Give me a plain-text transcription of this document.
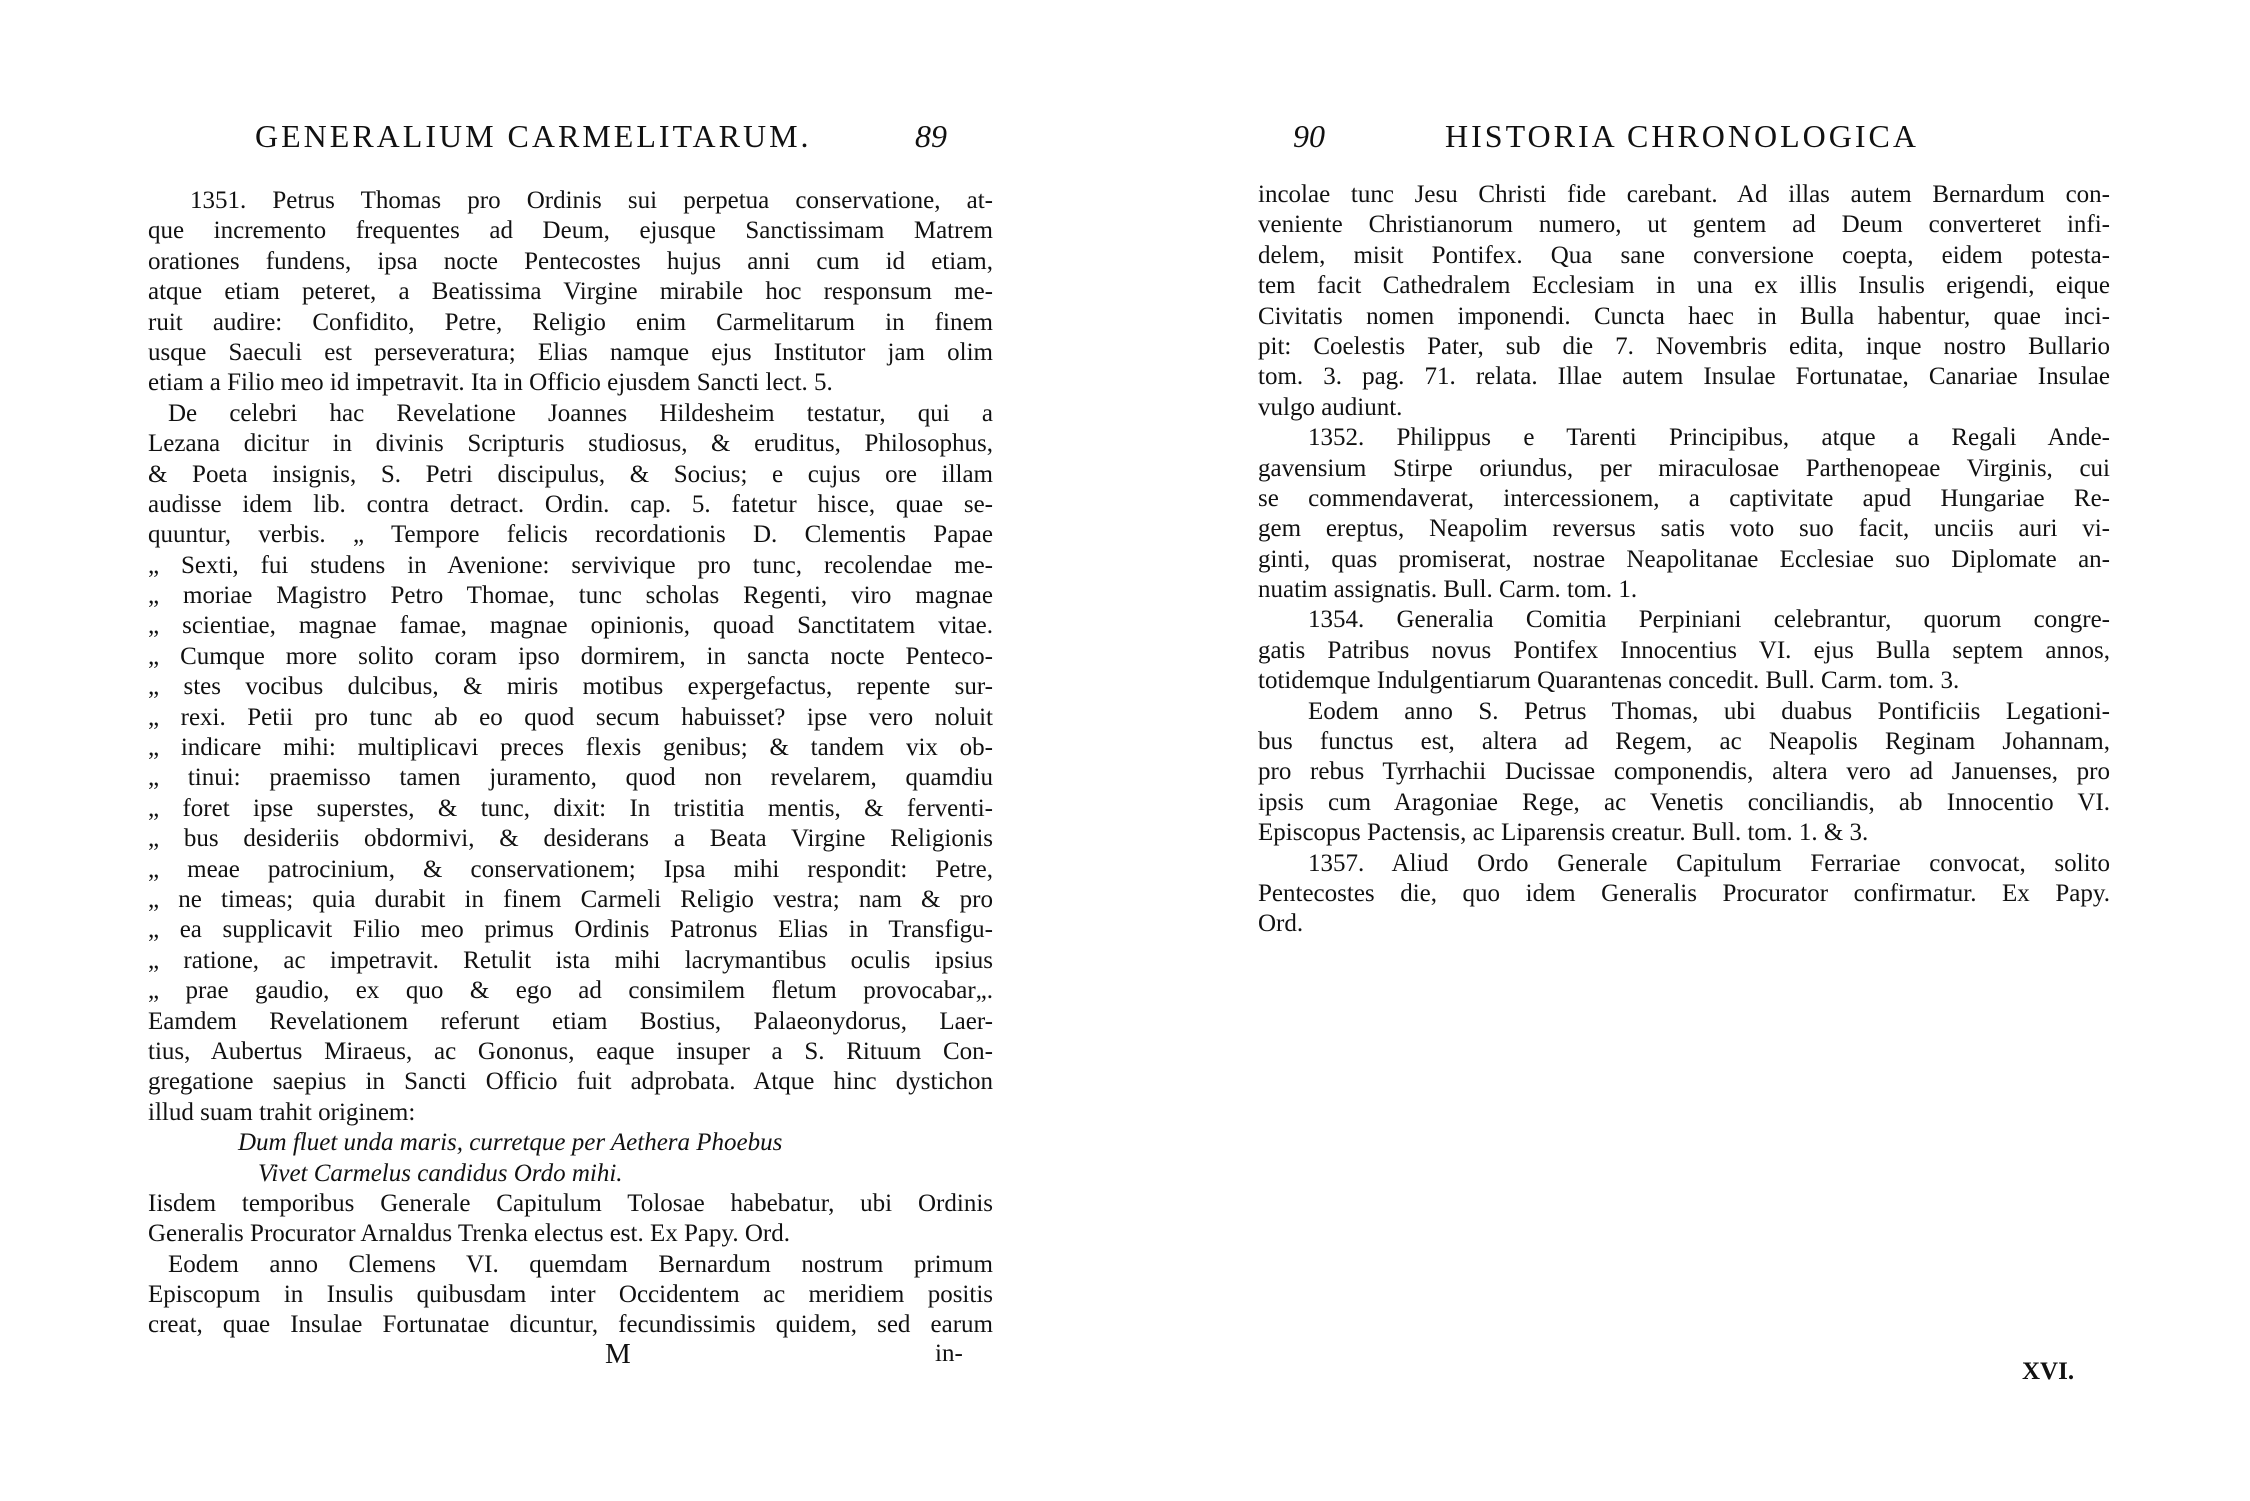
GENERALIUM CARMELITARUM.	89
1351. Petrus Thomas pro Ordinis sui perpetua conservatione, at-
que incremento frequentes ad Deum, ejusque Sanctissimam Matrem
orationes fundens, ipsa nocte Pentecostes hujus anni cum id etiam,
atque etiam peteret, a Beatissima Virgine mirabile hoc responsum me-
ruit audire: Confidito, Petre, Religio enim Carmelitarum in finem
usque Saeculi est perseveratura; Elias namque ejus Institutor jam olim
etiam a Filio meo id impetravit. Ita in Officio ejusdem Sancti lect. 5.
De celebri hac Revelatione Joannes Hildesheim testatur, qui a
Lezana dicitur in divinis Scripturis studiosus, & eruditus, Philosophus,
& Poeta insignis, S. Petri discipulus, & Socius; e cujus ore illam
audisse idem lib. contra detract. Ordin. cap. 5. fatetur hisce, quae se-
quuntur, verbis. „ Tempore felicis recordationis D. Clementis Papae
„ Sexti, fui studens in Avenione: servivique pro tunc, recolendae me-
„ moriae Magistro Petro Thomae, tunc scholas Regenti, viro magnae
„ scientiae, magnae famae, magnae opinionis, quoad Sanctitatem vitae.
„ Cumque more solito coram ipso dormirem, in sancta nocte Penteco-
„ stes vocibus dulcibus, & miris motibus expergefactus, repente sur-
„ rexi. Petii pro tunc ab eo quod secum habuisset? ipse vero noluit
„ indicare mihi: multiplicavi preces flexis genibus; & tandem vix ob-
„ tinui: praemisso tamen juramento, quod non revelarem, quamdiu
„ foret ipse superstes, & tunc, dixit: In tristitia mentis, & ferventi-
„ bus desideriis obdormivi, & desiderans a Beata Virgine Religionis
„ meae patrocinium, & conservationem; Ipsa mihi respondit: Petre,
„ ne timeas; quia durabit in finem Carmeli Religio vestra; nam & pro
„ ea supplicavit Filio meo primus Ordinis Patronus Elias in Transfigu-
„ ratione, ac impetravit. Retulit ista mihi lacrymantibus oculis ipsius
„ prae gaudio, ex quo & ego ad consimilem fletum provocabar„.
Eamdem Revelationem referunt etiam Bostius, Palaeonydorus, Laer-
tius, Aubertus Miraeus, ac Gononus, eaque insuper a S. Rituum Con-
gregatione saepius in Sancti Officio fuit adprobata. Atque hinc dystichon
illud suam trahit originem:
Dum fluet unda maris, curretque per Aethera Phoebus
Vivet Carmelus candidus Ordo mihi.
Iisdem temporibus Generale Capitulum Tolosae habebatur, ubi Ordinis
Generalis Procurator Arnaldus Trenka electus est. Ex Papy. Ord.
Eodem anno Clemens VI. quemdam Bernardum nostrum primum
Episcopum in Insulis quibusdam inter Occidentem ac meridiem positis
creat, quae Insulae Fortunatae dicuntur, fecundissimis quidem, sed earum
M	in-
90	HISTORIA CHRONOLOGICA
incolae tunc Jesu Christi fide carebant. Ad illas autem Bernardum con-
veniente Christianorum numero, ut gentem ad Deum converteret infi-
delem, misit Pontifex. Qua sane conversione coepta, eidem potesta-
tem facit Cathedralem Ecclesiam in una ex illis Insulis erigendi, eique
Civitatis nomen imponendi. Cuncta haec in Bulla habentur, quae inci-
pit: Coelestis Pater, sub die 7. Novembris edita, inque nostro Bullario
tom. 3. pag. 71. relata. Illae autem Insulae Fortunatae, Canariae Insulae
vulgo audiunt.
1352. Philippus e Tarenti Principibus, atque a Regali Ande-
gavensium Stirpe oriundus, per miraculosae Parthenopeae Virginis, cui
se commendaverat, intercessionem, a captivitate apud Hungariae Re-
gem ereptus, Neapolim reversus satis voto suo facit, unciis auri vi-
ginti, quas promiserat, nostrae Neapolitanae Ecclesiae suo Diplomate an-
nuatim assignatis. Bull. Carm. tom. 1.
1354. Generalia Comitia Perpiniani celebrantur, quorum congre-
gatis Patribus novus Pontifex Innocentius VI. ejus Bulla septem annos,
totidemque Indulgentiarum Quarantenas concedit. Bull. Carm. tom. 3.
Eodem anno S. Petrus Thomas, ubi duabus Pontificiis Legationi-
bus functus est, altera ad Regem, ac Neapolis Reginam Johannam,
pro rebus Tyrrhachii Ducissae componendis, altera vero ad Januenses, pro
ipsis cum Aragoniae Rege, ac Venetis conciliandis, ab Innocentio VI.
Episcopus Pactensis, ac Liparensis creatur. Bull. tom. 1. & 3.
1357. Aliud Ordo Generale Capitulum Ferrariae convocat, solito
Pentecostes die, quo idem Generalis Procurator confirmatur. Ex Papy.
Ord.
XVI.
